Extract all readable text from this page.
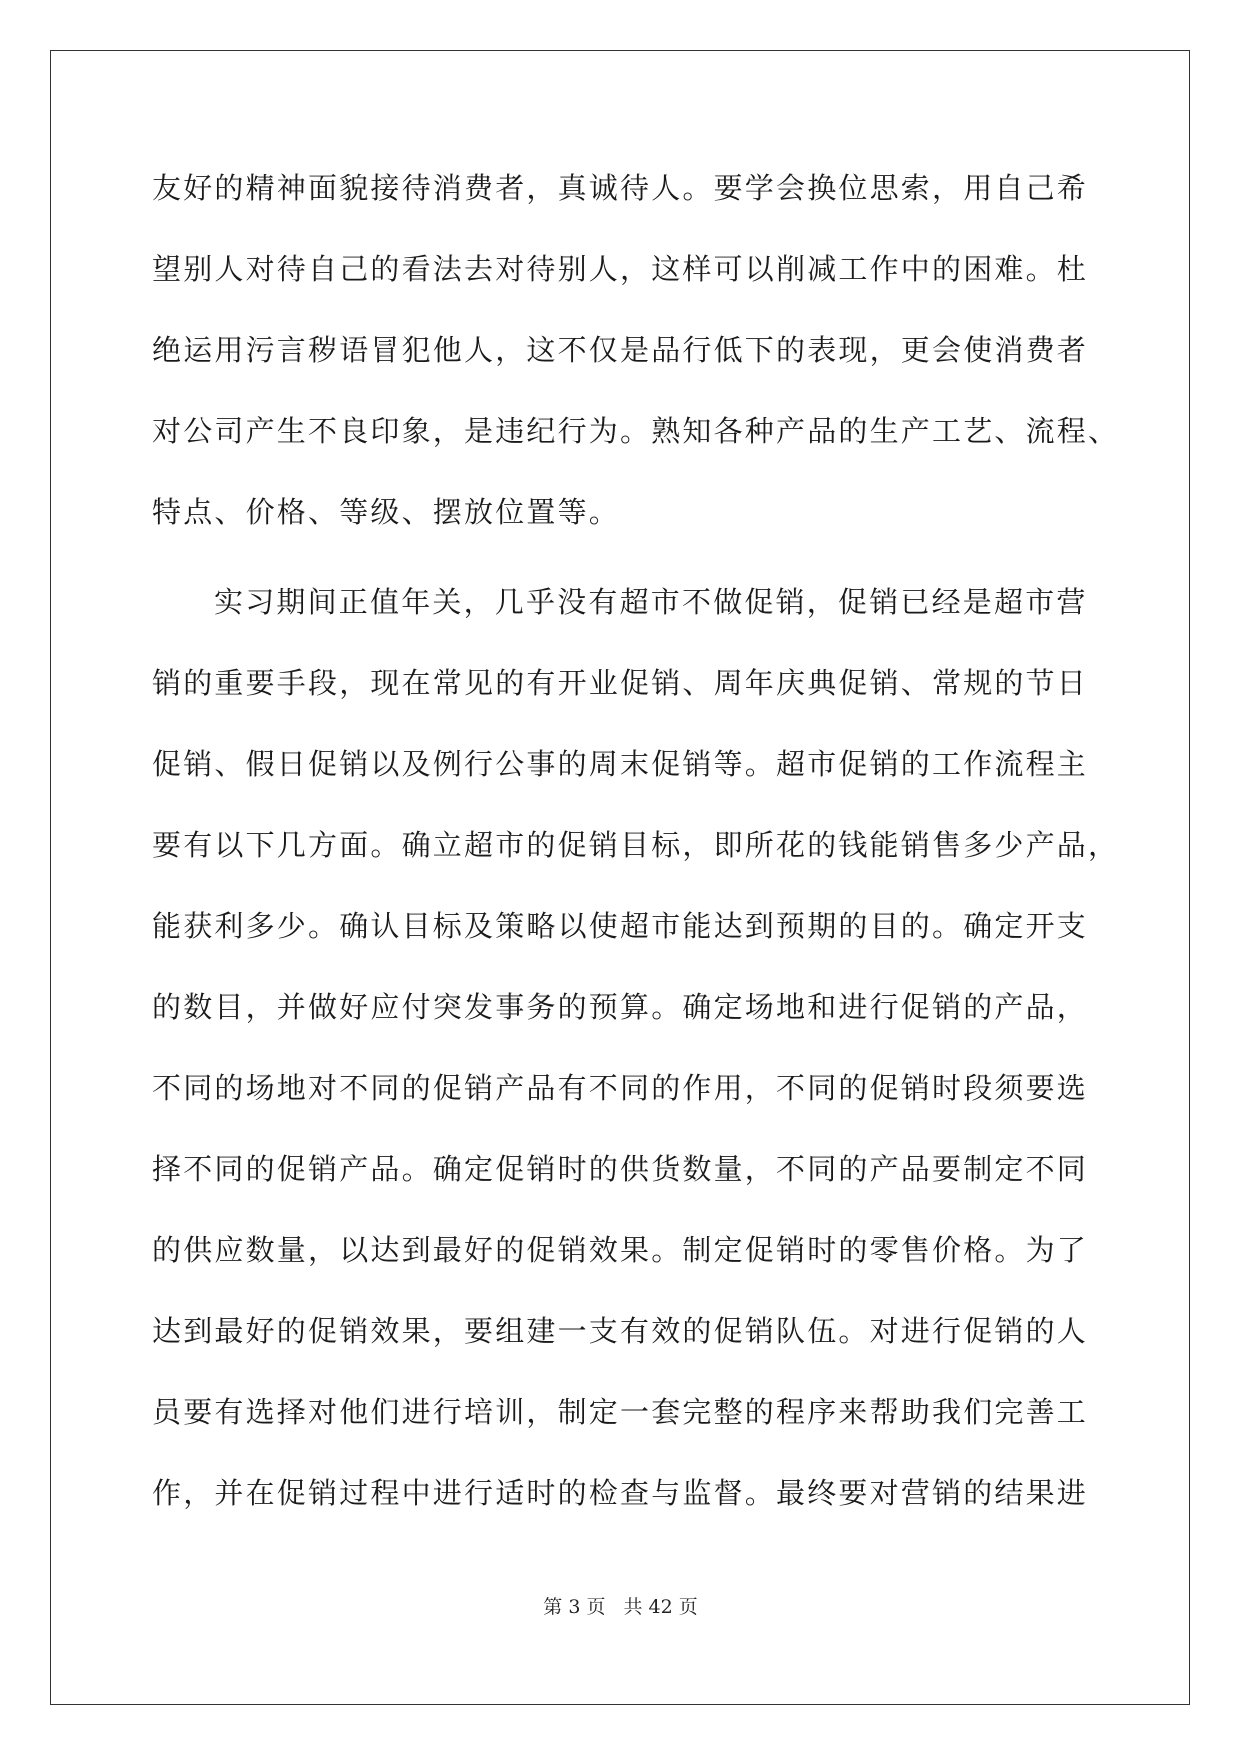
友好的精神面貌接待消费者，真诚待人。要学会换位思索，用自己希
望别人对待自己的看法去对待别人，这样可以削减工作中的困难。杜
绝运用污言秽语冒犯他人，这不仅是品行低下的表现，更会使消费者
对公司产生不良印象，是违纪行为。熟知各种产品的生产工艺、流程、
特点、价格、等级、摆放位置等。
实习期间正值年关，几乎没有超市不做促销，促销已经是超市营
销的重要手段，现在常见的有开业促销、周年庆典促销、常规的节日
促销、假日促销以及例行公事的周末促销等。超市促销的工作流程主
要有以下几方面。确立超市的促销目标，即所花的钱能销售多少产品，
能获利多少。确认目标及策略以使超市能达到预期的目的。确定开支
的数目，并做好应付突发事务的预算。确定场地和进行促销的产品，
不同的场地对不同的促销产品有不同的作用，不同的促销时段须要选
择不同的促销产品。确定促销时的供货数量，不同的产品要制定不同
的供应数量，以达到最好的促销效果。制定促销时的零售价格。为了
达到最好的促销效果，要组建一支有效的促销队伍。对进行促销的人
员要有选择对他们进行培训，制定一套完整的程序来帮助我们完善工
作，并在促销过程中进行适时的检查与监督。最终要对营销的结果进
第 3 页 共 42 页
